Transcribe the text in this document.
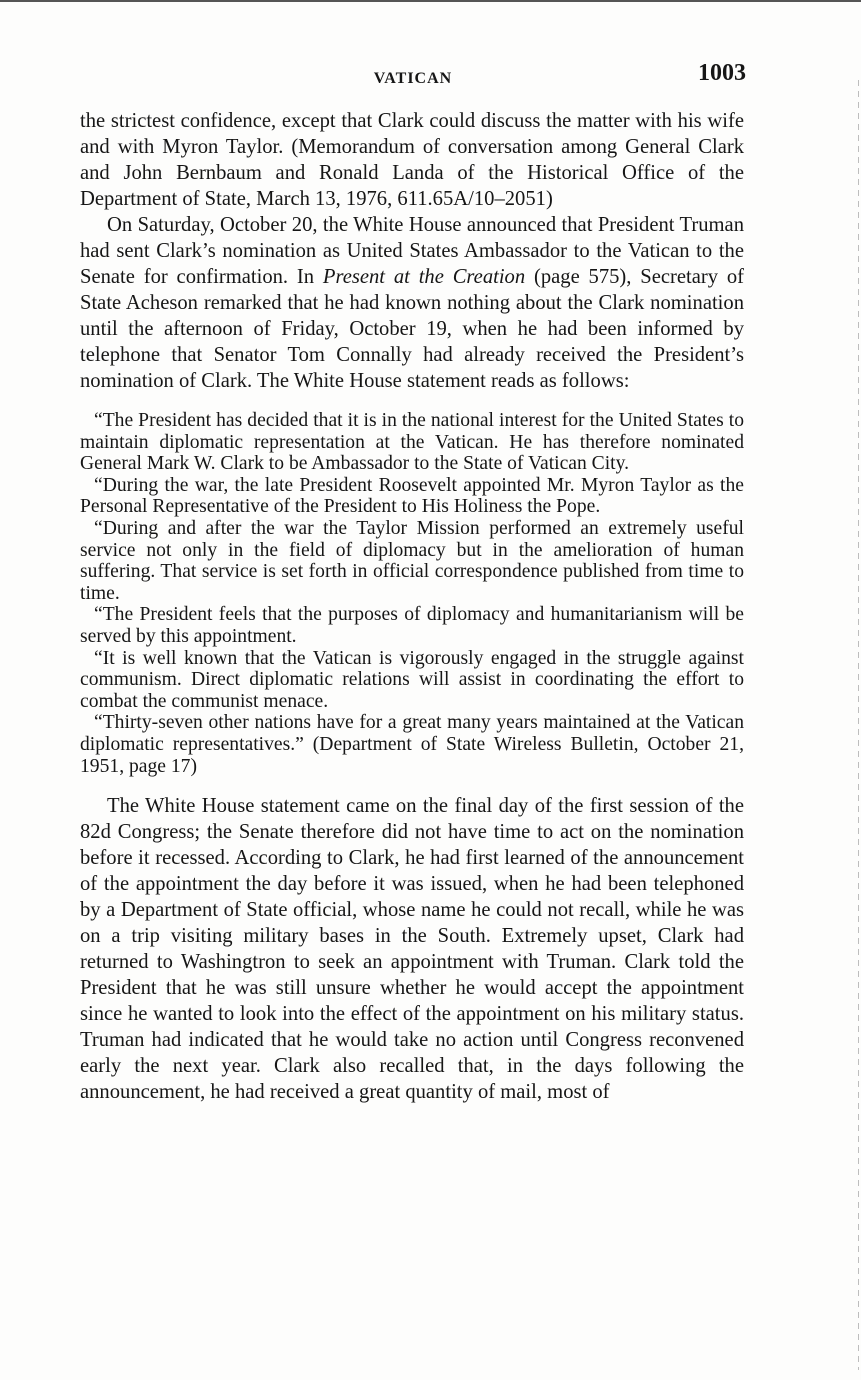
VATICAN	1003

the strictest confidence, except that Clark could discuss the matter with his wife and with Myron Taylor. (Memorandum of conversation among General Clark and John Bernbaum and Ronald Landa of the Historical Office of the Department of State, March 13, 1976, 611.65A/10–2051)

On Saturday, October 20, the White House announced that President Truman had sent Clark’s nomination as United States Ambassador to the Vatican to the Senate for confirmation. In Present at the Creation (page 575), Secretary of State Acheson remarked that he had known nothing about the Clark nomination until the afternoon of Friday, October 19, when he had been informed by telephone that Senator Tom Connally had already received the President’s nomination of Clark. The White House statement reads as follows:

“The President has decided that it is in the national interest for the United States to maintain diplomatic representation at the Vatican. He has therefore nominated General Mark W. Clark to be Ambassador to the State of Vatican City.

“During the war, the late President Roosevelt appointed Mr. Myron Taylor as the Personal Representative of the President to His Holiness the Pope.

“During and after the war the Taylor Mission performed an extremely useful service not only in the field of diplomacy but in the amelioration of human suffering. That service is set forth in official correspondence published from time to time.

“The President feels that the purposes of diplomacy and humanitarianism will be served by this appointment.

“It is well known that the Vatican is vigorously engaged in the struggle against communism. Direct diplomatic relations will assist in coordinating the effort to combat the communist menace.

“Thirty-seven other nations have for a great many years maintained at the Vatican diplomatic representatives.” (Department of State Wireless Bulletin, October 21, 1951, page 17)

The White House statement came on the final day of the first session of the 82d Congress; the Senate therefore did not have time to act on the nomination before it recessed. According to Clark, he had first learned of the announcement of the appointment the day before it was issued, when he had been telephoned by a Department of State official, whose name he could not recall, while he was on a trip visiting military bases in the South. Extremely upset, Clark had returned to Washingtron to seek an appointment with Truman. Clark told the President that he was still unsure whether he would accept the appointment since he wanted to look into the effect of the appointment on his military status. Truman had indicated that he would take no action until Congress reconvened early the next year. Clark also recalled that, in the days following the announcement, he had received a great quantity of mail, most of
